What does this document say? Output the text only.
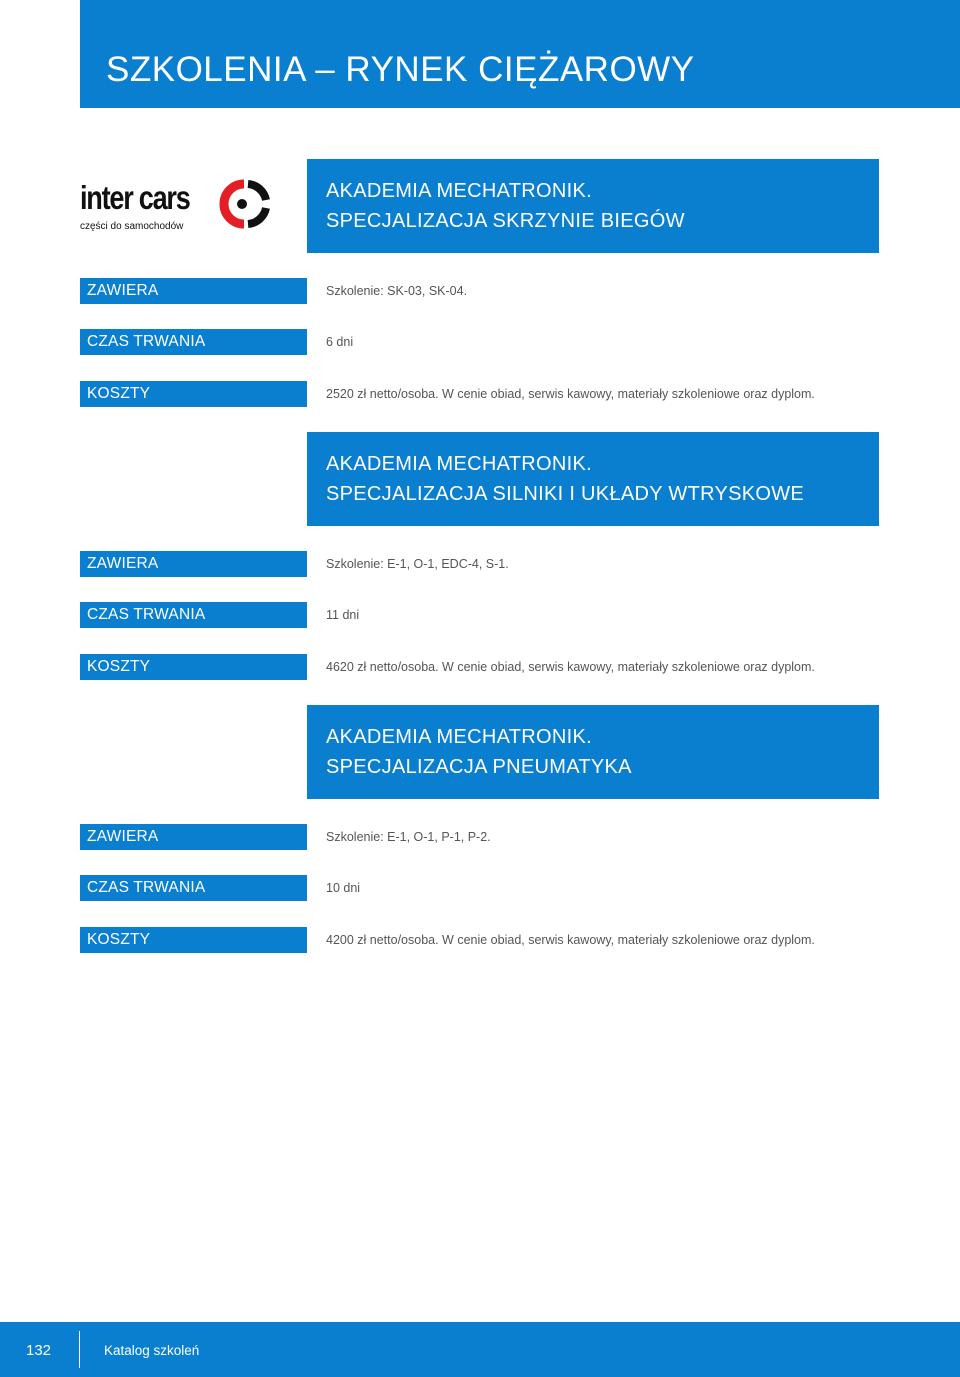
SZKOLENIA – RYNEK CIĘŻAROWY
inter cars
części do samochodów
AKADEMIA MECHATRONIK.
SPECJALIZACJA SKRZYNIE BIEGÓW
ZAWIERA	Szkolenie: SK-03, SK-04.
CZAS TRWANIA	6 dni
KOSZTY	2520 zł netto/osoba. W cenie obiad, serwis kawowy, materiały szkoleniowe oraz dyplom.
AKADEMIA MECHATRONIK.
SPECJALIZACJA SILNIKI I UKŁADY WTRYSKOWE
ZAWIERA	Szkolenie: E-1, O-1, EDC-4, S-1.
CZAS TRWANIA	11 dni
KOSZTY	4620 zł netto/osoba. W cenie obiad, serwis kawowy, materiały szkoleniowe oraz dyplom.
AKADEMIA MECHATRONIK.
SPECJALIZACJA PNEUMATYKA
ZAWIERA	Szkolenie: E-1, O-1, P-1, P-2.
CZAS TRWANIA	10 dni
KOSZTY	4200 zł netto/osoba. W cenie obiad, serwis kawowy, materiały szkoleniowe oraz dyplom.
132	Katalog szkoleń
